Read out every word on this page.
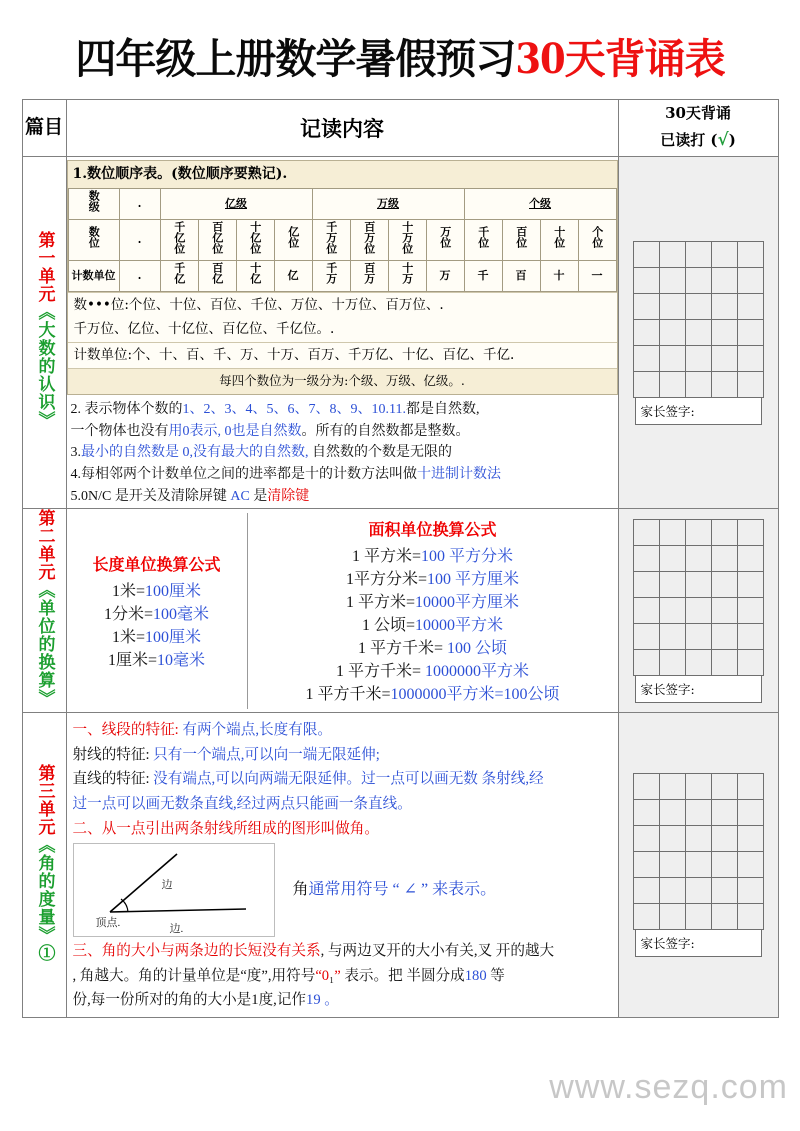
四年级上册数学暑假预习30天背诵表
篇目	记读内容

30天背诵
已读打 (√)

第一单元《大数的认识》	
1.数位顺序表。(数位顺序要熟记).
数级	.	亿级	万级	个级
数位	.	千亿位	百亿位	十亿位	亿位	千万位	百万位	十万位	万位	千位	百位	十位	个位
计数单位	.	千亿	百亿	十亿	亿	千万	百万	十万	万	千	百	十	一
数•••位:个位、十位、百位、千位、万位、十万位、百万位、.
千万位、亿位、十亿位、百亿位、千亿位。.
计数单位:个、十、百、千、万、十万、百万、千万亿、十亿、百亿、千亿.
每四个数位为一级分为:个级、万级、亿级。.
2. 表示物体个数的1、2、3、4、5、6、7、8、9、10.11.都是自然数,
一个物体也没有用0表示, 0也是自然数。所有的自然数都是整数。
3.最小的自然数是 0,没有最大的自然数, 自然数的个数是无限的
4.每相邻两个计数单位之间的进率都是十的计数方法叫做十进制计数法
5.0N/C 是开关及清除屏键 AC 是清除键

家长签字:

第二单元《单位的换算》	
长度单位换算公式
1米=100厘米
1分米=100毫米
1米=100厘米
1厘米=10毫米
面积单位换算公式
1 平方米=100 平方分米
1平方分米=100 平方厘米
1 平方米=10000平方厘米
1 公顷=10000平方米
1 平方千米= 100 公顷
1 平方千米= 1000000平方米
1 平方千米=1000000平方米=100公顷																									家长签字:

第三单元《角的度量》①	
一、线段的特征: 有两个端点,长度有限。
射线的特征: 只有一个端点,可以向一端无限延伸;
直线的特征: 没有端点,可以向两端无限延伸。过一点可以画无数 条射线,经
过一点可以画无数条直线,经过两点只能画一条直线。
二、从一点引出两条射线所组成的图形叫做角。
边
顶点.	边.
角通常用符号 “ ∠ ” 来表示。
三、角的大小与两条边的长短没有关系, 与两边叉开的大小有关,叉 开的越大
, 角越大。角的计量单位是“度”,用符号“0₁” 表示。把 半圆分成180 等
份,每一份所对的角的大小是1度,记作19 。

家长签字:
www.sezq.com
